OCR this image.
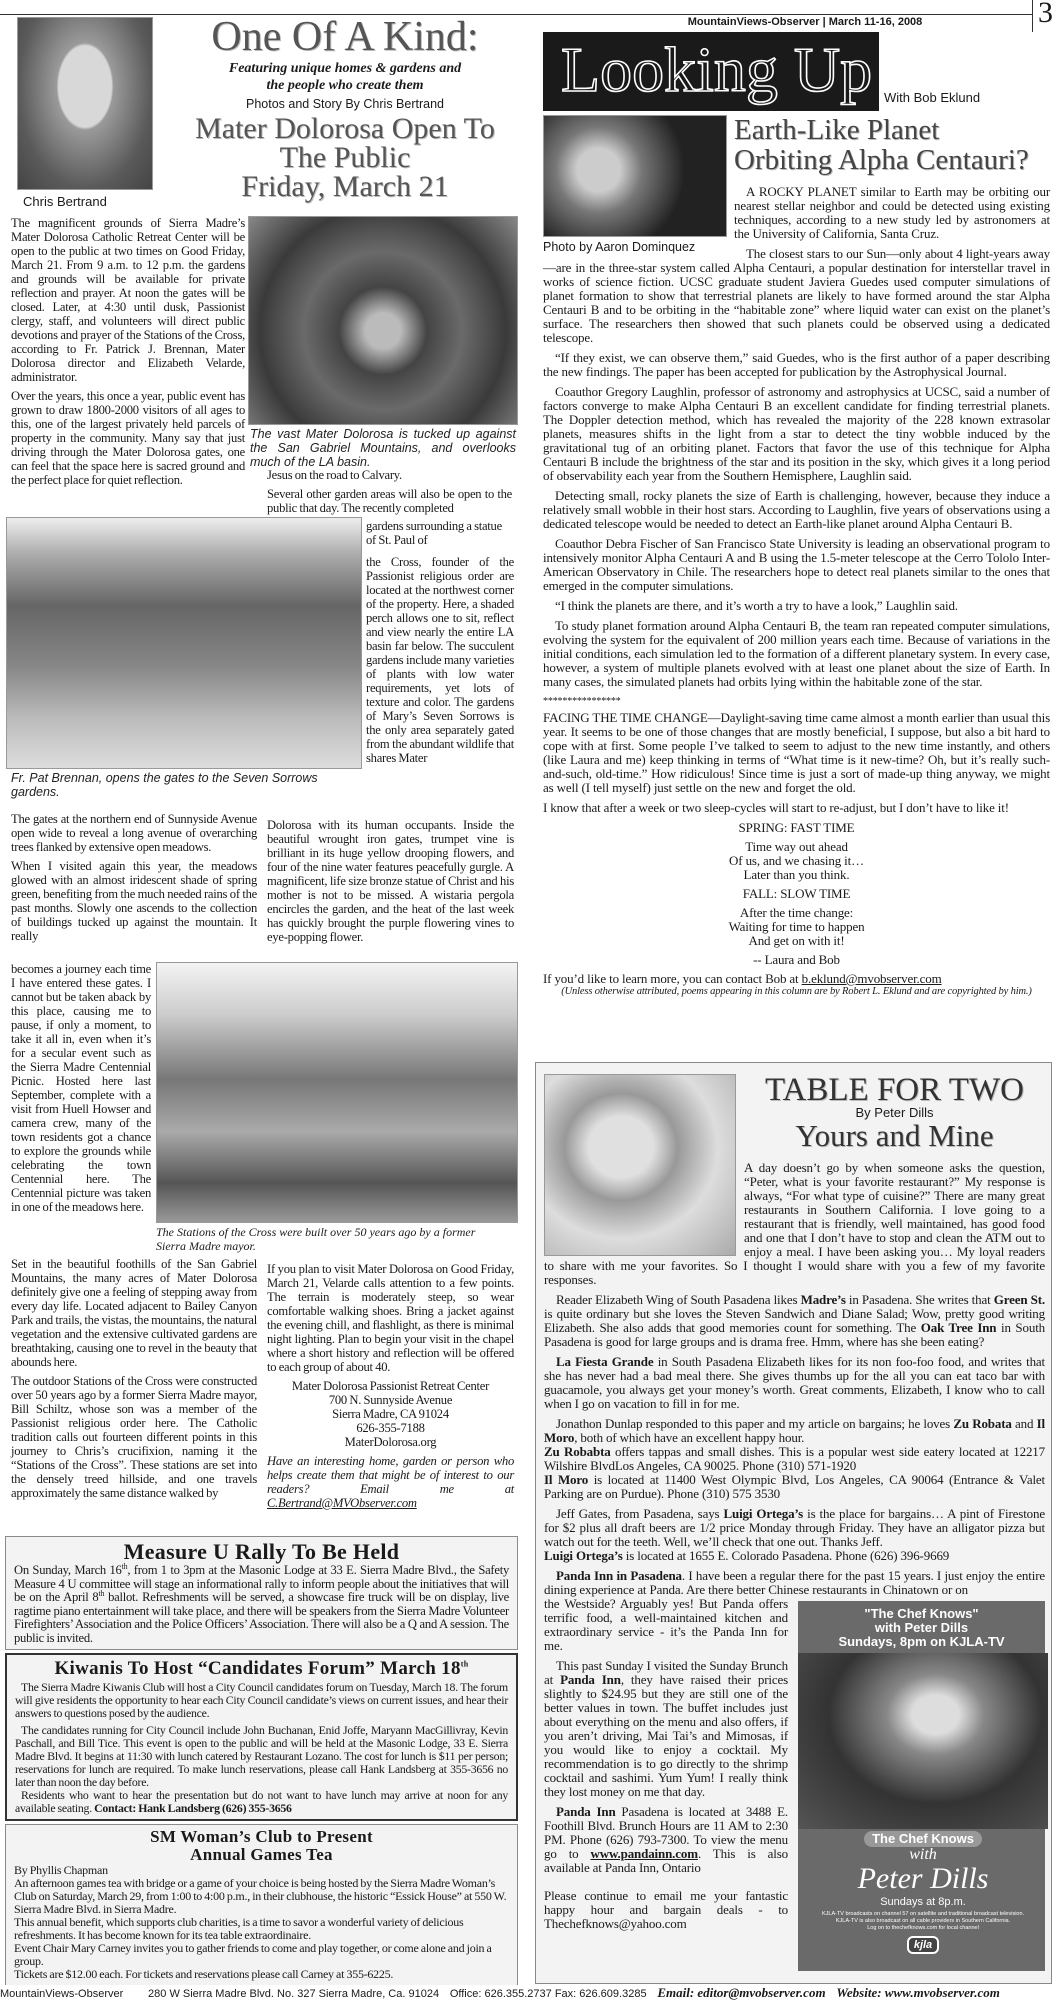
MountainViews-Observer | March 11-16, 2008	3
Chris Bertrand
One Of A Kind:
Featuring unique homes & gardens and
the people who create them
Photos and Story By Chris Bertrand
Mater Dolorosa Open To
The Public
Friday, March 21

The magnificent grounds of Sierra Madre’s Mater Dolorosa Catholic Retreat Center will be open to the public at two times on Good Friday, March 21. From 9 a.m. to 12 p.m. the gardens and grounds will be available for private reflection and prayer. At noon the gates will be closed. Later, at 4:30 until dusk, Passionist clergy, staff, and volunteers will direct public devotions and prayer of the Stations of the Cross, according to Fr. Patrick J. Brennan, Mater Dolorosa director and Elizabeth Velarde, administrator.

Over the years, this once a year, public event has grown to draw 1800-2000 visitors of all ages to this, one of the largest privately held parcels of property in the community. Many say that just driving through the Mater Dolorosa gates, one can feel that the space here is sacred ground and the perfect place for quiet reflection.

The vast Mater Dolorosa is tucked up against the San Gabriel Mountains, and overlooks much of the LA basin.

Jesus on the road to Calvary.

Several other garden areas will also be open to the public that day. The recently completed

Fr. Pat Brennan, opens the gates to the Seven Sorrows gardens.

gardens surrounding a statue of St. Paul of

the Cross, founder of the Passionist religious order are located at the northwest corner of the property. Here, a shaded perch allows one to sit, reflect and view nearly the entire LA basin far below. The succulent gardens include many varieties of plants with low water requirements, yet lots of texture and color. The gardens of Mary’s Seven Sorrows is the only area separately gated from the abundant wildlife that shares Mater

Dolorosa with its human occupants. Inside the beautiful wrought iron gates, trumpet vine is brilliant in its huge yellow drooping flowers, and four of the nine water features peacefully gurgle. A magnificent, life size bronze statue of Christ and his mother is not to be missed. A wistaria pergola encircles the garden, and the heat of the last week has quickly brought the purple flowering vines to eye-popping flower.

The gates at the northern end of Sunnyside Avenue open wide to reveal a long avenue of overarching trees flanked by extensive open meadows.

When I visited again this year, the meadows glowed with an almost iridescent shade of spring green, benefiting from the much needed rains of the past months. Slowly one ascends to the collection of buildings tucked up against the mountain. It really

becomes a journey each time I have entered these gates. I cannot but be taken aback by this place, causing me to pause, if only a moment, to take it all in, even when it’s for a secular event such as the Sierra Madre Centennial Picnic. Hosted here last September, complete with a visit from Huell Howser and camera crew, many of the town residents got a chance to explore the grounds while celebrating the town Centennial here. The Centennial picture was taken in one of the meadows here.

The Stations of the Cross were built over 50 years ago by a former Sierra Madre mayor.

Set in the beautiful foothills of the San Gabriel Mountains, the many acres of Mater Dolorosa definitely give one a feeling of stepping away from every day life. Located adjacent to Bailey Canyon Park and trails, the vistas, the mountains, the natural vegetation and the extensive cultivated gardens are breathtaking, causing one to revel in the beauty that abounds here.

The outdoor Stations of the Cross were constructed over 50 years ago by a former Sierra Madre mayor, Bill Schiltz, whose son was a member of the Passionist religious order here. The Catholic tradition calls out fourteen different points in this journey to Chris’s crucifixion, naming it the “Stations of the Cross”. These stations are set into the densely treed hillside, and one travels approximately the same distance walked by

If you plan to visit Mater Dolorosa on Good Friday, March 21, Velarde calls attention to a few points. The terrain is moderately steep, so wear comfortable walking shoes. Bring a jacket against the evening chill, and flashlight, as there is minimal night lighting. Plan to begin your visit in the chapel where a short history and reflection will be offered to each group of about 40.

Mater Dolorosa Passionist Retreat Center
700 N. Sunnyside Avenue
Sierra Madre, CA 91024
626-355-7188
MaterDolorosa.org

Have an interesting home, garden or person who helps create them that might be of interest to our readers? Email me at C.Bertrand@MVObserver.com

Measure U Rally To Be Held
On Sunday, March 16th, from 1 to 3pm at the Masonic Lodge at 33 E. Sierra Madre Blvd., the Safety Measure 4 U committee will stage an informational rally to inform people about the initiatives that will be on the April 8th ballot. Refreshments will be served, a showcase fire truck will be on display, live ragtime piano entertainment will take place, and there will be speakers from the Sierra Madre Volunteer Firefighters’ Association and the Police Officers’ Association. There will also be a Q and A session. The public is invited.
Kiwanis To Host “Candidates Forum” March 18th

The Sierra Madre Kiwanis Club will host a City Council candidates forum on Tuesday, March 18. The forum will give residents the opportunity to hear each City Council candidate’s views on current issues, and hear their answers to questions posed by the audience.

The candidates running for City Council include John Buchanan, Enid Joffe, Maryann MacGillivray, Kevin Paschall, and Bill Tice. This event is open to the public and will be held at the Masonic Lodge, 33 E. Sierra Madre Blvd. It begins at 11:30 with lunch catered by Restaurant Lozano. The cost for lunch is $11 per person; reservations for lunch are required. To make lunch reservations, please call Hank Landsberg at 355-3656 no later than noon the day before.

Residents who want to hear the presentation but do not want to have lunch may arrive at noon for any available seating. Contact: Hank Landsberg (626) 355-3656

SM Woman’s Club to Present
Annual Games Tea
By Phyllis Chapman
An afternoon games tea with bridge or a game of your choice is being hosted by the Sierra Madre Woman’s Club on Saturday, March 29, from 1:00 to 4:00 p.m., in their clubhouse, the historic “Essick House” at 550 W. Sierra Madre Blvd. in Sierra Madre.
This annual benefit, which supports club charities, is a time to savor a wonderful variety of delicious refreshments. It has become known for its tea table extraordinaire.
Event Chair Mary Carney invites you to gather friends to come and play together, or come alone and join a group.
Tickets are $12.00 each. For tickets and reservations please call Carney at 355-6225.
Looking Up With Bob Eklund
Photo by Aaron Dominquez
Earth-Like Planet
Orbiting Alpha Centauri?

A ROCKY PLANET similar to Earth may be orbiting our nearest stellar neighbor and could be detected using existing techniques, according to a new study led by astronomers at the University of California, Santa Cruz.

The closest stars to our Sun—only about 4 light-years away—are in the three-star system called Alpha Centauri, a popular destination for interstellar travel in works of science fiction. UCSC graduate student Javiera Guedes used computer simulations of planet formation to show that terrestrial planets are likely to have formed around the star Alpha Centauri B and to be orbiting in the “habitable zone” where liquid water can exist on the planet’s surface. The researchers then showed that such planets could be observed using a dedicated telescope.

“If they exist, we can observe them,” said Guedes, who is the first author of a paper describing the new findings. The paper has been accepted for publication by the Astrophysical Journal.

Coauthor Gregory Laughlin, professor of astronomy and astrophysics at UCSC, said a number of factors converge to make Alpha Centauri B an excellent candidate for finding terrestrial planets. The Doppler detection method, which has revealed the majority of the 228 known extrasolar planets, measures shifts in the light from a star to detect the tiny wobble induced by the gravitational tug of an orbiting planet. Factors that favor the use of this technique for Alpha Centauri B include the brightness of the star and its position in the sky, which gives it a long period of observability each year from the Southern Hemisphere, Laughlin said.

Detecting small, rocky planets the size of Earth is challenging, however, because they induce a relatively small wobble in their host stars. According to Laughlin, five years of observations using a dedicated telescope would be needed to detect an Earth-like planet around Alpha Centauri B.

Coauthor Debra Fischer of San Francisco State University is leading an observational program to intensively monitor Alpha Centauri A and B using the 1.5-meter telescope at the Cerro Tololo Inter-American Observatory in Chile. The researchers hope to detect real planets similar to the ones that emerged in the computer simulations.

“I think the planets are there, and it’s worth a try to have a look,” Laughlin said.

To study planet formation around Alpha Centauri B, the team ran repeated computer simulations, evolving the system for the equivalent of 200 million years each time. Because of variations in the initial conditions, each simulation led to the formation of a different planetary system. In every case, however, a system of multiple planets evolved with at least one planet about the size of Earth. In many cases, the simulated planets had orbits lying within the habitable zone of the star.

****************

FACING THE TIME CHANGE—Daylight-saving time came almost a month earlier than usual this year. It seems to be one of those changes that are mostly beneficial, I suppose, but also a bit hard to cope with at first. Some people I’ve talked to seem to adjust to the new time instantly, and others (like Laura and me) keep thinking in terms of “What time is it new-time? Oh, but it’s really such-and-such, old-time.” How ridiculous! Since time is just a sort of made-up thing anyway, we might as well (I tell myself) just settle on the new and forget the old.

I know that after a week or two sleep-cycles will start to re-adjust, but I don’t have to like it!

SPRING: FAST TIME
Time way out ahead
Of us, and we chasing it…
Later than you think.
FALL: SLOW TIME
After the time change:
Waiting for time to happen
And get on with it!
-- Laura and Bob
If you’d like to learn more, you can contact Bob at b.eklund@mvobserver.com
(Unless otherwise attributed, poems appearing in this column are by Robert L. Eklund and are copyrighted by him.)
TABLE FOR TWO
By Peter Dills
Yours and Mine

A day doesn’t go by when someone asks the question, “Peter, what is your favorite restaurant?” My response is always, “For what type of cuisine?” There are many great restaurants in Southern California. I love going to a restaurant that is friendly, well maintained, has good food and one that I don’t have to stop and clean the ATM out to enjoy a meal. I have been asking you… My loyal readers to share with me your favorites. So I thought I would share with you a few of my favorite responses.

Reader Elizabeth Wing of South Pasadena likes Madre’s in Pasadena. She writes that Green St. is quite ordinary but she loves the Steven Sandwich and Diane Salad; Wow, pretty good writing Elizabeth. She also adds that good memories count for something. The Oak Tree Inn in South Pasadena is good for large groups and is drama free. Hmm, where has she been eating?

La Fiesta Grande in South Pasadena Elizabeth likes for its non foo-foo food, and writes that she has never had a bad meal there. She gives thumbs up for the all you can eat taco bar with guacamole, you always get your money’s worth. Great comments, Elizabeth, I know who to call when I go on vacation to fill in for me.

Jonathon Dunlap responded to this paper and my article on bargains; he loves Zu Robata and Il Moro, both of which have an excellent happy hour.

Zu Robabta offers tappas and small dishes. This is a popular west side eatery located at 12217 Wilshire BlvdLos Angeles, CA 90025. Phone (310) 571-1920

Il Moro is located at 11400 West Olympic Blvd, Los Angeles, CA 90064 (Entrance & Valet Parking are on Purdue). Phone (310) 575 3530

Jeff Gates, from Pasadena, says Luigi Ortega’s is the place for bargains… A pint of Firestone for $2 plus all draft beers are 1/2 price Monday through Friday. They have an alligator pizza but watch out for the teeth. Well, we’ll check that one out. Thanks Jeff.

Luigi Ortega’s is located at 1655 E. Colorado Pasadena. Phone (626) 396-9669

Panda Inn in Pasadena. I have been a regular there for the past 15 years. I just enjoy the entire dining experience at Panda. Are there better Chinese restaurants in Chinatown or on

the Westside? Arguably yes! But Panda offers terrific food, a well-maintained kitchen and extraordinary service - it’s the Panda Inn for me.

This past Sunday I visited the Sunday Brunch at Panda Inn, they have raised their prices slightly to $24.95 but they are still one of the better values in town. The buffet includes just about everything on the menu and also offers, if you aren’t driving, Mai Tai’s and Mimosas, if you would like to enjoy a cocktail. My recommendation is to go directly to the shrimp cocktail and sashimi. Yum Yum! I really think they lost money on me that day.

Panda Inn Pasadena is located at 3488 E. Foothill Blvd. Brunch Hours are 11 AM to 2:30 PM. Phone (626) 793-7300. To view the menu go to www.pandainn.com. This is also available at Panda Inn, Ontario

Please continue to email me your fantastic happy hour and bargain deals - to Thechefknows@yahoo.com

"The Chef Knows"
with Peter Dills
Sundays, 8pm on KJLA-TV
The Chef Knows
with
Peter Dills
Sundays at 8p.m.
KJLA-TV broadcasts on channel 57 on satellite and traditional broadcast television.
KJLA-TV is also broadcast on all cable providers in Southern California.
Log on to thechefknows.com for local channel
kjla
MountainViews-Observer 280 W Sierra Madre Blvd. No. 327 Sierra Madre, Ca. 91024 Office: 626.355.2737 Fax: 626.609.3285 Email: editor@mvobserver.com Website: www.mvobserver.com
